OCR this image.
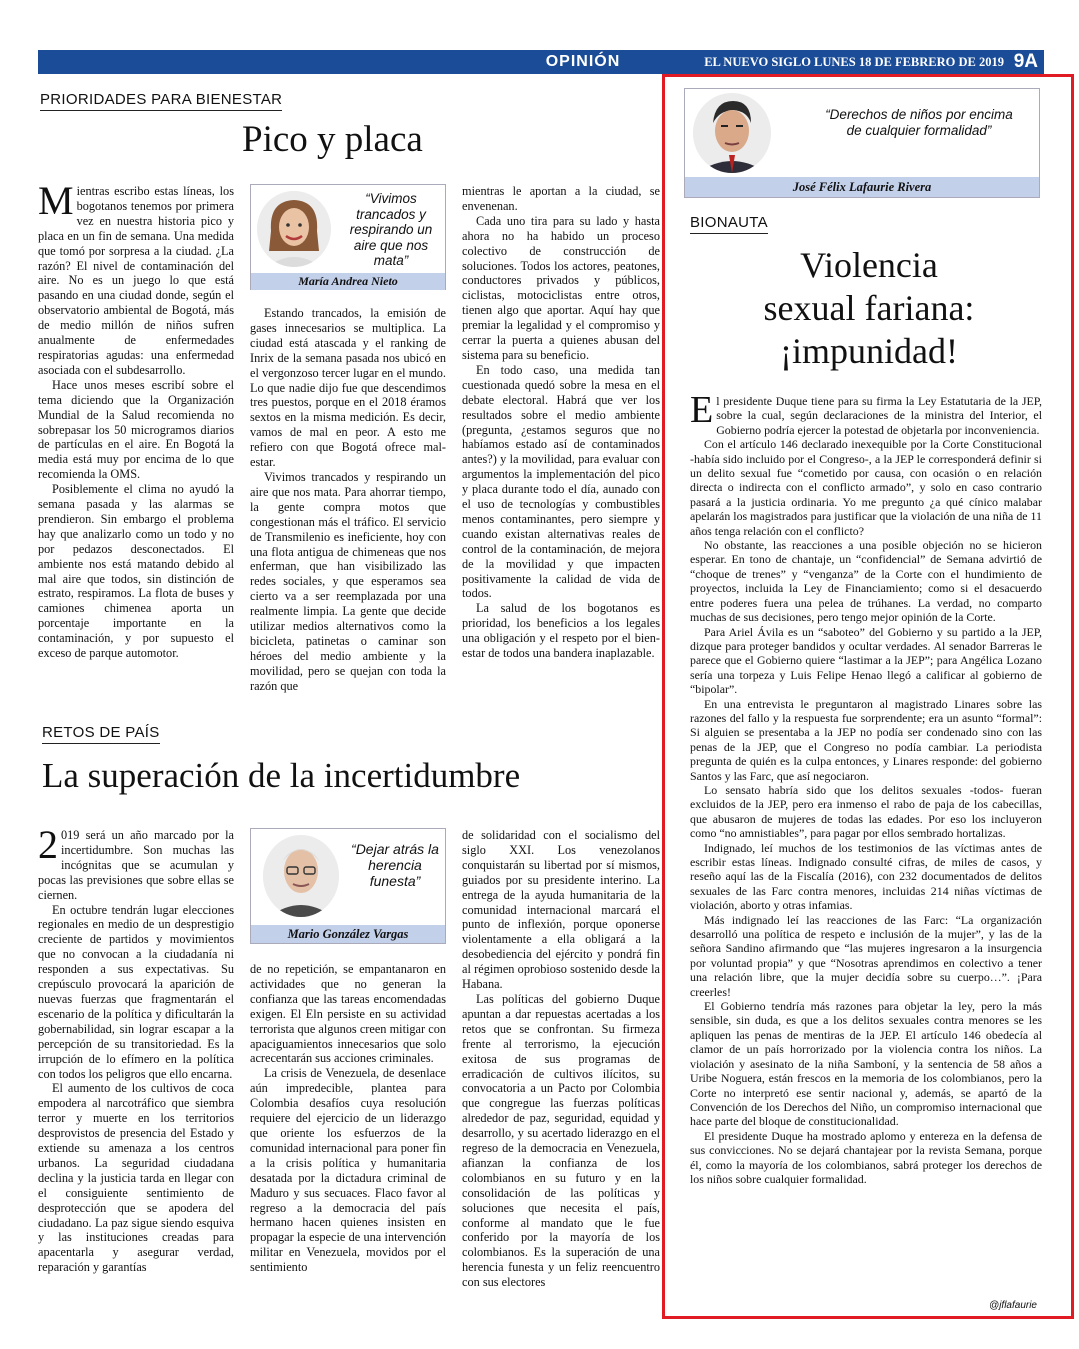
OPINIÓN	EL NUEVO SIGLO LUNES 18 DE FEBRERO DE 2019 9A
PRIORIDADES PARA BIENESTAR
Pico y placa

Mientras escribo estas líneas, los bogotanos tenemos por primera vez en nuestra historia pico y placa en un fin de semana. Una medida que tomó por sorpresa a la ciudad. ¿La razón? El nivel de contaminación del aire. No es un juego lo que está pasando en una ciudad donde, según el observatorio ambiental de Bogotá, más de medio millón de niños sufren anualmente de enfermedades respiratorias agudas: una enfermedad asociada con el subdesarrollo.

Hace unos meses escribí sobre el tema diciendo que la Organización Mundial de la Salud recomienda no sobrepasar los 50 microgramos diarios de partículas en el aire. En Bogotá la media está muy por encima de lo que recomienda la OMS.

Posiblemente el clima no ayudó la semana pasada y las alarmas se prendieron. Sin embargo el problema hay que analizarlo como un todo y no por pedazos desconectados. El ambiente nos está matando debido al mal aire que todos, sin distinción de estrato, respiramos. La flota de buses y camiones chimenea aporta un porcentaje importante en la contaminación, y por supuesto el exceso de parque automotor.

“Vivimos trancados y respirando un aire que nos mata”
María Andrea Nieto

Estando trancados, la emisión de gases innecesarios se multiplica. La ciudad está atascada y el ranking de Inrix de la semana pasada nos ubicó en el vergonzoso tercer lugar en el mundo. Lo que nadie dijo fue que descendimos tres puestos, porque en el 2018 éramos sextos en la misma medición. Es decir, vamos de mal en peor. A esto me refiero con que Bogotá ofrece mal-estar.

Vivimos trancados y respirando un aire que nos mata. Para ahorrar tiempo, la gente compra motos que congestionan más el tráfico. El servicio de Transmilenio es ineficiente, hoy con una flota antigua de chimeneas que nos enferman, que han visibilizado las redes sociales, y que esperamos sea cierto va a ser reemplazada por una realmente limpia. La gente que decide utilizar medios alternativos como la bicicleta, patinetas o caminar son héroes del medio ambiente y la movilidad, pero se quejan con toda la razón que

mientras le aportan a la ciudad, se envenenan.

Cada uno tira para su lado y hasta ahora no ha habido un proceso colectivo de construcción de soluciones. Todos los actores, peatones, conductores privados y públicos, ciclistas, motociclistas entre otros, tienen algo que aportar. Aquí hay que premiar la legalidad y el compromiso y cerrar la puerta a quienes abusan del sistema para su beneficio.

En todo caso, una medida tan cuestionada quedó sobre la mesa en el debate electoral. Habrá que ver los resultados sobre el medio ambiente (pregunta, ¿estamos seguros que no habíamos estado así de contaminados antes?) y la movilidad, para evaluar con argumentos la implementación del pico y placa durante todo el día, aunado con el uso de tecnologías y combustibles menos contaminantes, pero siempre y cuando existan alternativas reales de control de la contaminación, de mejora de la movilidad y que impacten positivamente la calidad de vida de todos.

La salud de los bogotanos es prioridad, los beneficios a los legales una obligación y el respeto por el bien-estar de todos una bandera inaplazable.

RETOS DE PAÍS
La superación de la incertidumbre

2 019 será un año marcado por la incertidumbre. Son muchas las incógnitas que se acumulan y pocas las previsiones que sobre ellas se ciernen.

En octubre tendrán lugar elecciones regionales en medio de un desprestigio creciente de partidos y movimientos que no convocan a la ciudadanía ni responden a sus expectativas. Su crepúsculo provocará la aparición de nuevas fuerzas que fragmentarán el escenario de la política y dificultarán la gobernabilidad, sin lograr escapar a la percepción de su transitoriedad. Es la irrupción de lo efímero en la política con todos los peligros que ello encarna.

El aumento de los cultivos de coca empodera al narcotráfico que siembra terror y muerte en los territorios desprovistos de presencia del Estado y extiende su amenaza a los centros urbanos. La seguridad ciudadana declina y la justicia tarda en llegar con el consiguiente sentimiento de desprotección que se apodera del ciudadano. La paz sigue siendo esquiva y las instituciones creadas para apacentarla y asegurar verdad, reparación y garantías

“Dejar atrás la herencia funesta”
Mario González Vargas

de no repetición, se empantanaron en actividades que no generan la confianza que las tareas encomendadas exigen. El Eln persiste en su actividad terrorista que algunos creen mitigar con apaciguamientos innecesarios que solo acrecentarán sus acciones criminales.

La crisis de Venezuela, de desenlace aún impredecible, plantea para Colombia desafíos cuya resolución requiere del ejercicio de un liderazgo que oriente los esfuerzos de la comunidad internacional para poner fin a la crisis política y humanitaria desatada por la dictadura criminal de Maduro y sus secuaces. Flaco favor al regreso a la democracia del país hermano hacen quienes insisten en propagar la especie de una intervención militar en Venezuela, movidos por el sentimiento

de solidaridad con el socialismo del siglo XXI. Los venezolanos conquistarán su libertad por sí mismos, guiados por su presidente interino. La entrega de la ayuda humanitaria de la comunidad internacional marcará el punto de inflexión, porque oponerse violentamente a ella obligará a la desobediencia del ejército y pondrá fin al régimen oprobioso sostenido desde la Habana.

Las políticas del gobierno Duque apuntan a dar repuestas acertadas a los retos que se confrontan. Su firmeza frente al terrorismo, la ejecución exitosa de sus programas de erradicación de cultivos ilícitos, su convocatoria a un Pacto por Colombia que congregue las fuerzas políticas alrededor de paz, seguridad, equidad y desarrollo, y su acertado liderazgo en el regreso de la democracia en Venezuela, afianzan la confianza de los colombianos en su futuro y en la consolidación de las políticas y soluciones que necesita el país, conforme al mandato que le fue conferido por la mayoría de los colombianos. Es la superación de una herencia funesta y un feliz reencuentro con sus electores

“Derechos de niños por encima de cualquier formalidad”
José Félix Lafaurie Rivera
BIONAUTA
Violencia
sexual fariana:
¡impunidad!

El presidente Duque tiene para su firma la Ley Estatutaria de la JEP, sobre la cual, según declaraciones de la ministra del Interior, el Gobierno podría ejercer la potestad de objetarla por inconveniencia.

Con el artículo 146 declarado inexequible por la Corte Constitucional -había sido incluido por el Congreso-, a la JEP le corresponderá definir si un delito sexual fue “cometido por causa, con ocasión o en relación directa o indirecta con el conflicto armado”, y solo en caso contrario pasará a la justicia ordinaria. Yo me pregunto ¿a qué cínico malabar apelarán los magistrados para justificar que la violación de una niña de 11 años tenga relación con el conflicto?

No obstante, las reacciones a una posible objeción no se hicieron esperar. En tono de chantaje, un “confidencial” de Semana advirtió de “choque de trenes” y “venganza” de la Corte con el hundimiento de proyectos, incluida la Ley de Financiamiento; como si el desacuerdo entre poderes fuera una pelea de trúhanes. La verdad, no comparto muchas de sus decisiones, pero tengo mejor opinión de la Corte.

Para Ariel Ávila es un “saboteo” del Gobierno y su partido a la JEP, dizque para proteger bandidos y ocultar verdades. Al senador Barreras le parece que el Gobierno quiere “lastimar a la JEP”; para Angélica Lozano sería una torpeza y Luis Felipe Henao llegó a calificar al gobierno de “bipolar”.

En una entrevista le preguntaron al magistrado Linares sobre las razones del fallo y la respuesta fue sorprendente; era un asunto “formal”: Si alguien se presentaba a la JEP no podía ser condenado sino con las penas de la JEP, que el Congreso no podía cambiar. La periodista pregunta de quién es la culpa entonces, y Linares responde: del gobierno Santos y las Farc, que así negociaron.

Lo sensato habría sido que los delitos sexuales -todos- fueran excluidos de la JEP, pero era inmenso el rabo de paja de los cabecillas, que abusaron de mujeres de todas las edades. Por eso los incluyeron como “no amnistiables”, para pagar por ellos sembrado hortalizas.

Indignado, leí muchos de los testimonios de las víctimas antes de escribir estas líneas. Indignado consulté cifras, de miles de casos, y reseño aquí las de la Fiscalía (2016), con 232 documentados de delitos sexuales de las Farc contra menores, incluidas 214 niñas víctimas de violación, aborto y otras infamias.

Más indignado leí las reacciones de las Farc: “La organización desarrolló una política de respeto e inclusión de la mujer”, y las de la señora Sandino afirmando que “las mujeres ingresaron a la insurgencia por voluntad propia” y que “Nosotras aprendimos en colectivo a tener una relación libre, que la mujer decidía sobre su cuerpo…”. ¡Para creerles!

El Gobierno tendría más razones para objetar la ley, pero la más sensible, sin duda, es que a los delitos sexuales contra menores se les apliquen las penas de mentiras de la JEP. El artículo 146 obedecía al clamor de un país horrorizado por la violencia contra los niños. La violación y asesinato de la niña Samboní, y la sentencia de 58 años a Uribe Noguera, están frescos en la memoria de los colombianos, pero la Corte no interpretó ese sentir nacional y, además, se apartó de la Convención de los Derechos del Niño, un compromiso internacional que hace parte del bloque de constitucionalidad.

El presidente Duque ha mostrado aplomo y entereza en la defensa de sus convicciones. No se dejará chantajear por la revista Semana, porque él, como la mayoría de los colombianos, sabrá proteger los derechos de los niños sobre cualquier formalidad.

@jflafaurie
